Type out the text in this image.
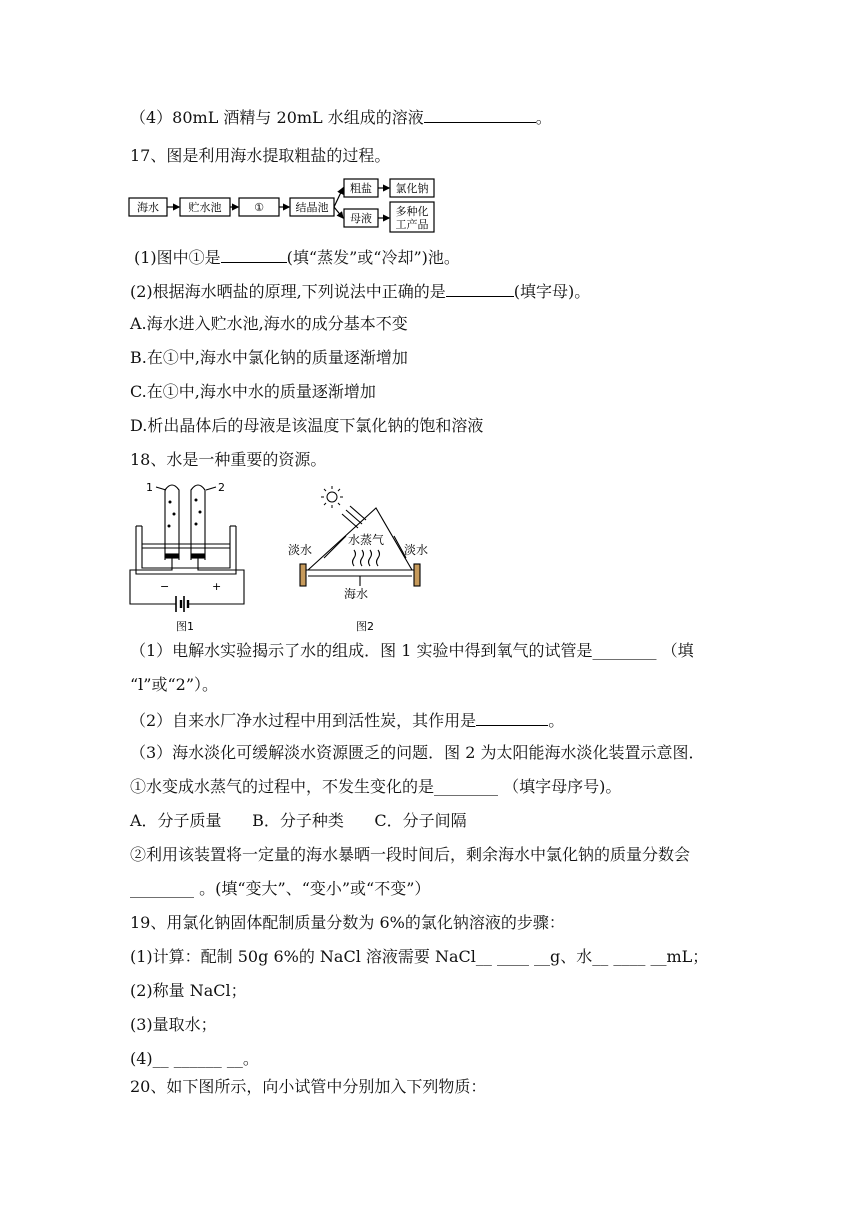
（4）80mL 酒精与 20mL 水组成的溶液	。
17、图是利用海水提取粗盐的过程。
海水	贮水池	①	结晶池
粗盐 氯化钠
母液
多种化
工产品
(1)图中①是	(填“蒸发”或“冷却”)池。
(2)根据海水晒盐的原理,下列说法中正确的是	(填字母)。
A.海水进入贮水池,海水的成分基本不变
B.在①中,海水中氯化钠的质量逐渐增加
C.在①中,海水中水的质量逐渐增加
D.析出晶体后的母液是该温度下氯化钠的饱和溶液
18、水是一种重要的资源。
1	2
−	+
图1
淡水	淡水
水蒸气
海水
图2
（1）电解水实验揭示了水的组成．图 1 实验中得到氧气的试管是________ （填
“l”或“2”）。
（2）自来水厂净水过程中用到活性炭，其作用是	。
（3）海水淡化可缓解淡水资源匮乏的问题．图 2 为太阳能海水淡化装置示意图．
①水变成水蒸气的过程中，不发生变化的是________ （填字母序号)。
A．分子质量      B．分子种类      C．分子间隔
②利用该装置将一定量的海水暴晒一段时间后，剩余海水中氯化钠的质量分数会
________ 。(填“变大”、“变小”或“不变”）
19、用氯化钠固体配制质量分数为 6%的氯化钠溶液的步骤：
(1)计算：配制 50g 6%的 NaCl 溶液需要 NaCl__ ____ __g、水__ ____ __mL；
(2)称量 NaCl；
(3)量取水；
(4)__ ______ __。
20、如下图所示，向小试管中分别加入下列物质：
